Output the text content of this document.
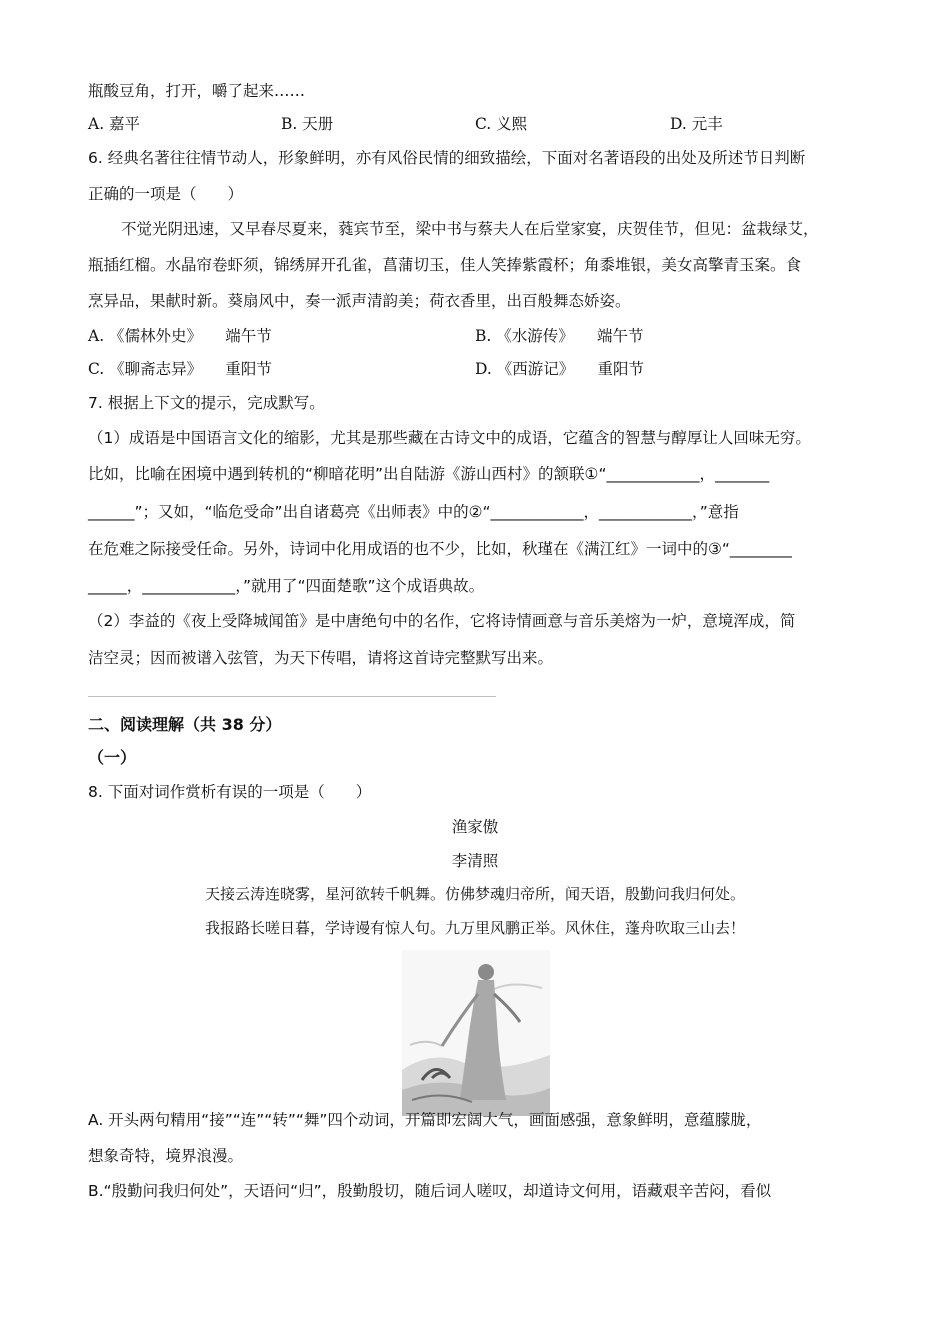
瓶酸豆角，打开，嚼了起来……
A. 嘉平	B. 天册	C. 义熙	D. 元丰
6. 经典名著往往情节动人，形象鲜明，亦有风俗民情的细致描绘，下面对名著语段的出处及所述节日判断
正确的一项是（　　）
不觉光阴迅速，又早春尽夏来，蕤宾节至，梁中书与蔡夫人在后堂家宴，庆贺佳节，但见：盆栽绿艾，
瓶插红榴。水晶帘卷虾须，锦绣屏开孔雀，菖蒲切玉，佳人笑捧紫霞杯；角黍堆银，美女高擎青玉案。食
烹异品，果献时新。葵扇风中，奏一派声清韵美；荷衣香里，出百般舞态娇姿。
A. 《儒林外史》　　端午节	B. 《水游传》　　端午节
C. 《聊斋志异》　　重阳节	D. 《西游记》　　重阳节
7. 根据上下文的提示，完成默写。
（1）成语是中国语言文化的缩影，尤其是那些藏在古诗文中的成语，它蕴含的智慧与醇厚让人回味无穷。
比如，比喻在困境中遇到转机的“柳暗花明”出自陆游《游山西村》的颔联①“____________，_______
______”；又如，“临危受命”出自诸葛亮《出师表》中的②“____________，____________，”意指
在危难之际接受任命。另外，诗词中化用成语的也不少，比如，秋瑾在《满江红》一词中的③“________
_____，____________，”就用了“四面楚歌”这个成语典故。
（2）李益的《夜上受降城闻笛》是中唐绝句中的名作，它将诗情画意与音乐美熔为一炉，意境浑成，简
洁空灵；因而被谱入弦管，为天下传唱，请将这首诗完整默写出来。
二、阅读理解（共 38 分）
（一）
8. 下面对词作赏析有误的一项是（　　）
渔家傲
李清照
天接云涛连晓雾，星河欲转千帆舞。仿佛梦魂归帝所，闻天语，殷勤问我归何处。
我报路长嗟日暮，学诗谩有惊人句。九万里风鹏正举。风休住，蓬舟吹取三山去！
A. 开头两句精用“接”“连”“转”“舞”四个动词，开篇即宏阔大气，画面感强，意象鲜明，意蕴朦胧，
想象奇特，境界浪漫。
B.“殷勤问我归何处”，天语问“归”，殷勤殷切，随后词人嗟叹，却道诗文何用，语藏艰辛苦闷，看似
